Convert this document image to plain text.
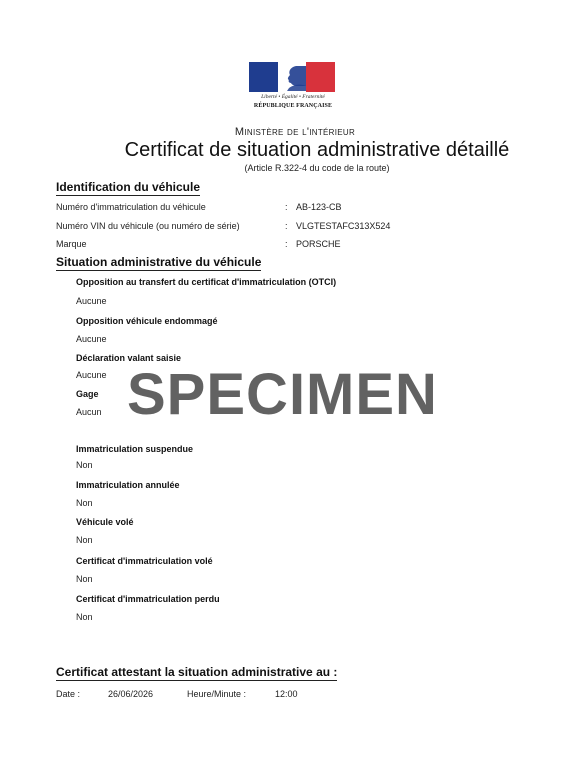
Liberté • Égalité • Fraternité
RÉPUBLIQUE FRANÇAISE
Ministère de l'intérieur
Certificat de situation administrative détaillé
(Article R.322-4 du code de la route)
Identification du véhicule
Numéro d'immatriculation du véhicule	: AB-123-CB
Numéro VIN du véhicule (ou numéro de série)	: VLGTESTAFC313X524
Marque	: PORSCHE
Situation administrative du véhicule
Opposition au transfert du certificat d'immatriculation (OTCI)
Aucune
Opposition véhicule endommagé
Aucune
Déclaration valant saisie
Aucune
Gage
Aucun
Immatriculation suspendue
Non
Immatriculation annulée
Non
Véhicule volé
Non
Certificat d'immatriculation volé
Non
Certificat d'immatriculation perdu
Non
SPECIMEN
Certificat attestant la situation administrative au :
Date :	26/06/2026	Heure/Minute :	12:00
